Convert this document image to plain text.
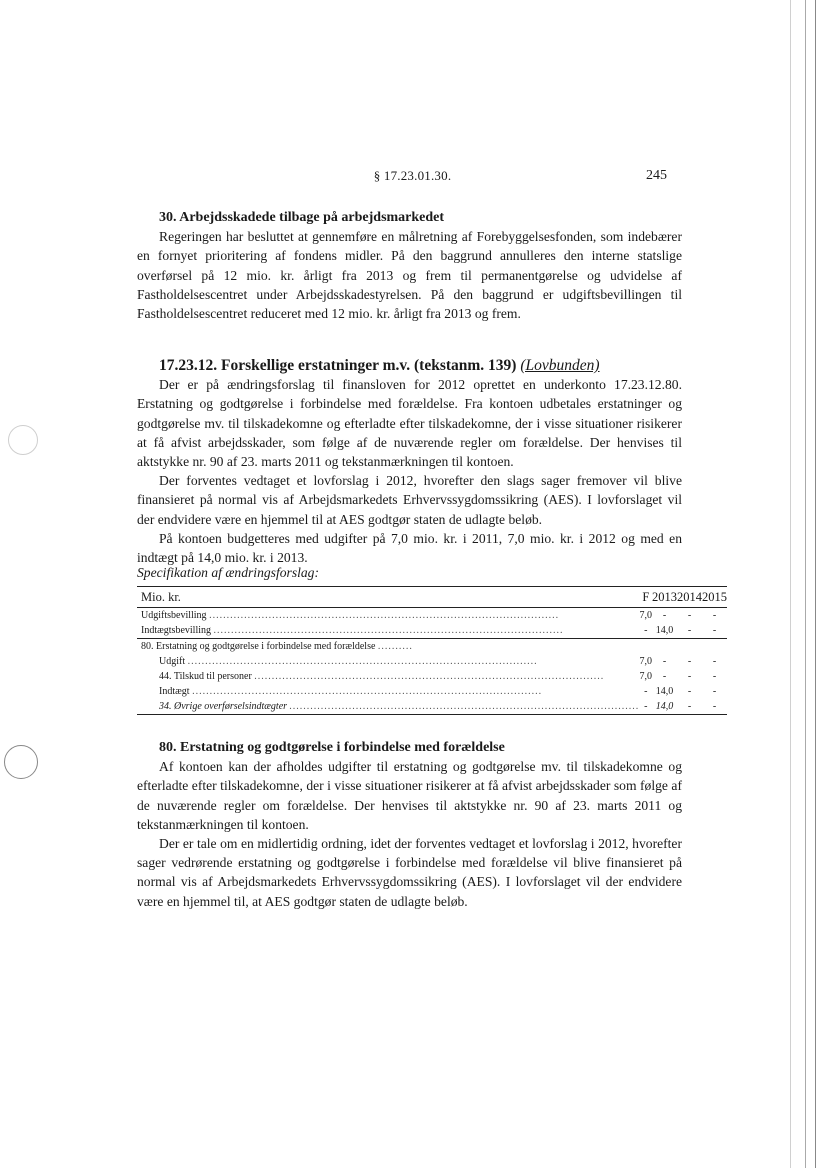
§ 17.23.01.30.	245

30. Arbejdsskadede tilbage på arbejdsmarkedet

Regeringen har besluttet at gennemføre en målretning af Forebyggelsesfonden, som indebærer en fornyet prioritering af fondens midler. På den baggrund annulleres den interne statslige overførsel på 12 mio. kr. årligt fra 2013 og frem til permanentgørelse og udvidelse af Fastholdelsescentret under Arbejdsskadestyrelsen. På den baggrund er udgiftsbevillingen til Fastholdelsescentret reduceret med 12 mio. kr. årligt fra 2013 og frem.

17.23.12. Forskellige erstatninger m.v. (tekstanm. 139) (Lovbunden)

Der er på ændringsforslag til finansloven for 2012 oprettet en underkonto 17.23.12.80. Erstatning og godtgørelse i forbindelse med forældelse. Fra kontoen udbetales erstatninger og godtgørelse mv. til tilskadekomne og efterladte efter tilskadekomne, der i visse situationer risikerer at få afvist arbejdsskader, som følge af de nuværende regler om forældelse. Der henvises til aktstykke nr. 90 af 23. marts 2011 og tekstanmærkningen til kontoen.

Der forventes vedtaget et lovforslag i 2012, hvorefter den slags sager fremover vil blive finansieret på normal vis af Arbejdsmarkedets Erhvervssygdomssikring (AES). I lovforslaget vil der endvidere være en hjemmel til at AES godtgør staten de udlagte beløb.

På kontoen budgetteres med udgifter på 7,0 mio. kr. i 2011, 7,0 mio. kr. i 2012 og med en indtægt på 14,0 mio. kr. i 2013.

Specifikation af ændringsforslag:
Mio. kr.		F	2013	2014	2015
Udgiftsbevilling ....................................................................................................		7,0	-	-	-
Indtægtsbevilling ....................................................................................................		-	14,0	-	-
80. Erstatning og godtgørelse i forbindelse med forældelse ..........					
Udgift ....................................................................................................		7,0	-	-	-
44. Tilskud til personer ....................................................................................................		7,0	-	-	-
Indtægt ....................................................................................................		-	14,0	-	-
34. Øvrige overførselsindtægter ....................................................................................................		-	14,0	-	-

80. Erstatning og godtgørelse i forbindelse med forældelse

Af kontoen kan der afholdes udgifter til erstatning og godtgørelse mv. til tilskadekomne og efterladte efter tilskadekomne, der i visse situationer risikerer at få afvist arbejdsskader som følge af de nuværende regler om forældelse. Der henvises til aktstykke nr. 90 af 23. marts 2011 og tekstanmærkningen til kontoen.

Der er tale om en midlertidig ordning, idet der forventes vedtaget et lovforslag i 2012, hvorefter sager vedrørende erstatning og godtgørelse i forbindelse med forældelse vil blive finansieret på normal vis af Arbejdsmarkedets Erhvervssygdomssikring (AES). I lovforslaget vil der endvidere være en hjemmel til, at AES godtgør staten de udlagte beløb.
